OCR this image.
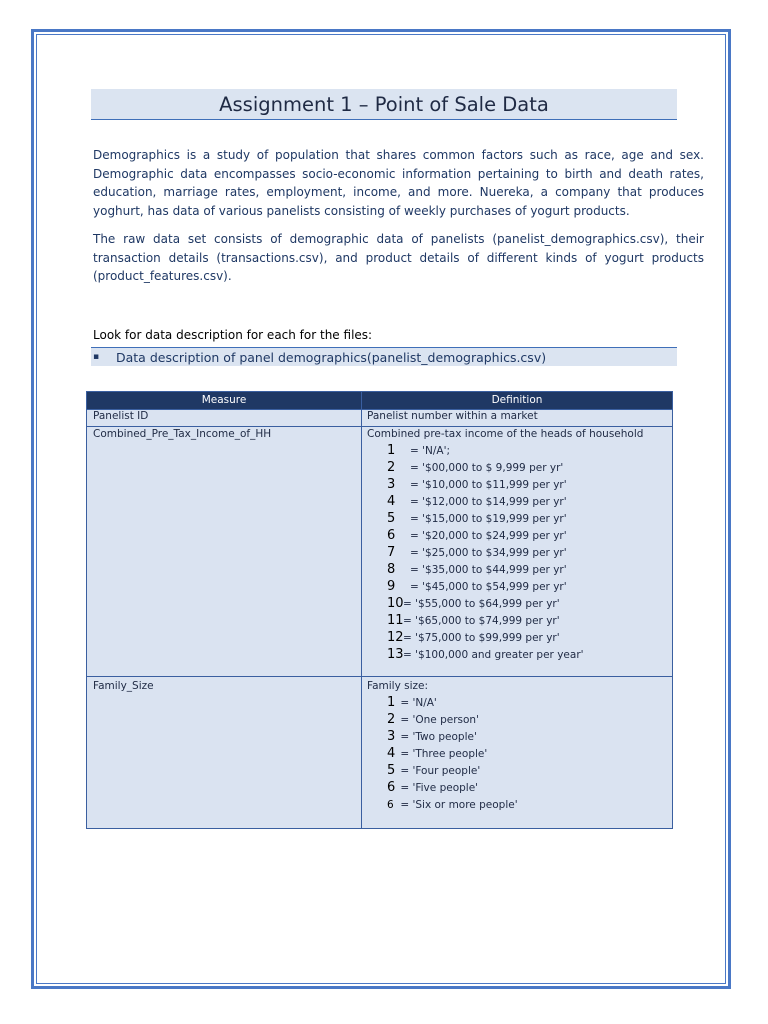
Assignment 1 – Point of Sale Data

Demographics is a study of population that shares common factors such as race, age and sex. Demographic data encompasses socio-economic information pertaining to birth and death rates, education, marriage rates, employment, income, and more. Nuereka, a company that produces yoghurt, has data of various panelists consisting of weekly purchases of yogurt products.

The raw data set consists of demographic data of panelists (panelist_demographics.csv), their transaction details (transactions.csv), and product details of different kinds of yogurt products (product_features.csv).

Look for data description for each for the files:
▪	Data description of panel demographics(panelist_demographics.csv)
Measure	Definition
Panelist ID	Panelist number within a market
Combined_Pre_Tax_Income_of_HH	Combined pre-tax income of the heads of household
1	= 'N/A';
2	= '$00,000 to $ 9,999 per yr'
3	= '$10,000 to $11,999 per yr'
4	= '$12,000 to $14,999 per yr'
5	= '$15,000 to $19,999 per yr'
6	= '$20,000 to $24,999 per yr'
7	= '$25,000 to $34,999 per yr'
8	= '$35,000 to $44,999 per yr'
9	= '$45,000 to $54,999 per yr'
10 = '$55,000 to $64,999 per yr'
11 = '$65,000 to $74,999 per yr'
12 = '$75,000 to $99,999 per yr'
13 = '$100,000 and greater per year'
Family_Size	Family size:
1 = 'N/A'
2 = 'One person'
3 = 'Two people'
4 = 'Three people'
5 = 'Four people'
6 = 'Five people'
6 = 'Six or more people'
